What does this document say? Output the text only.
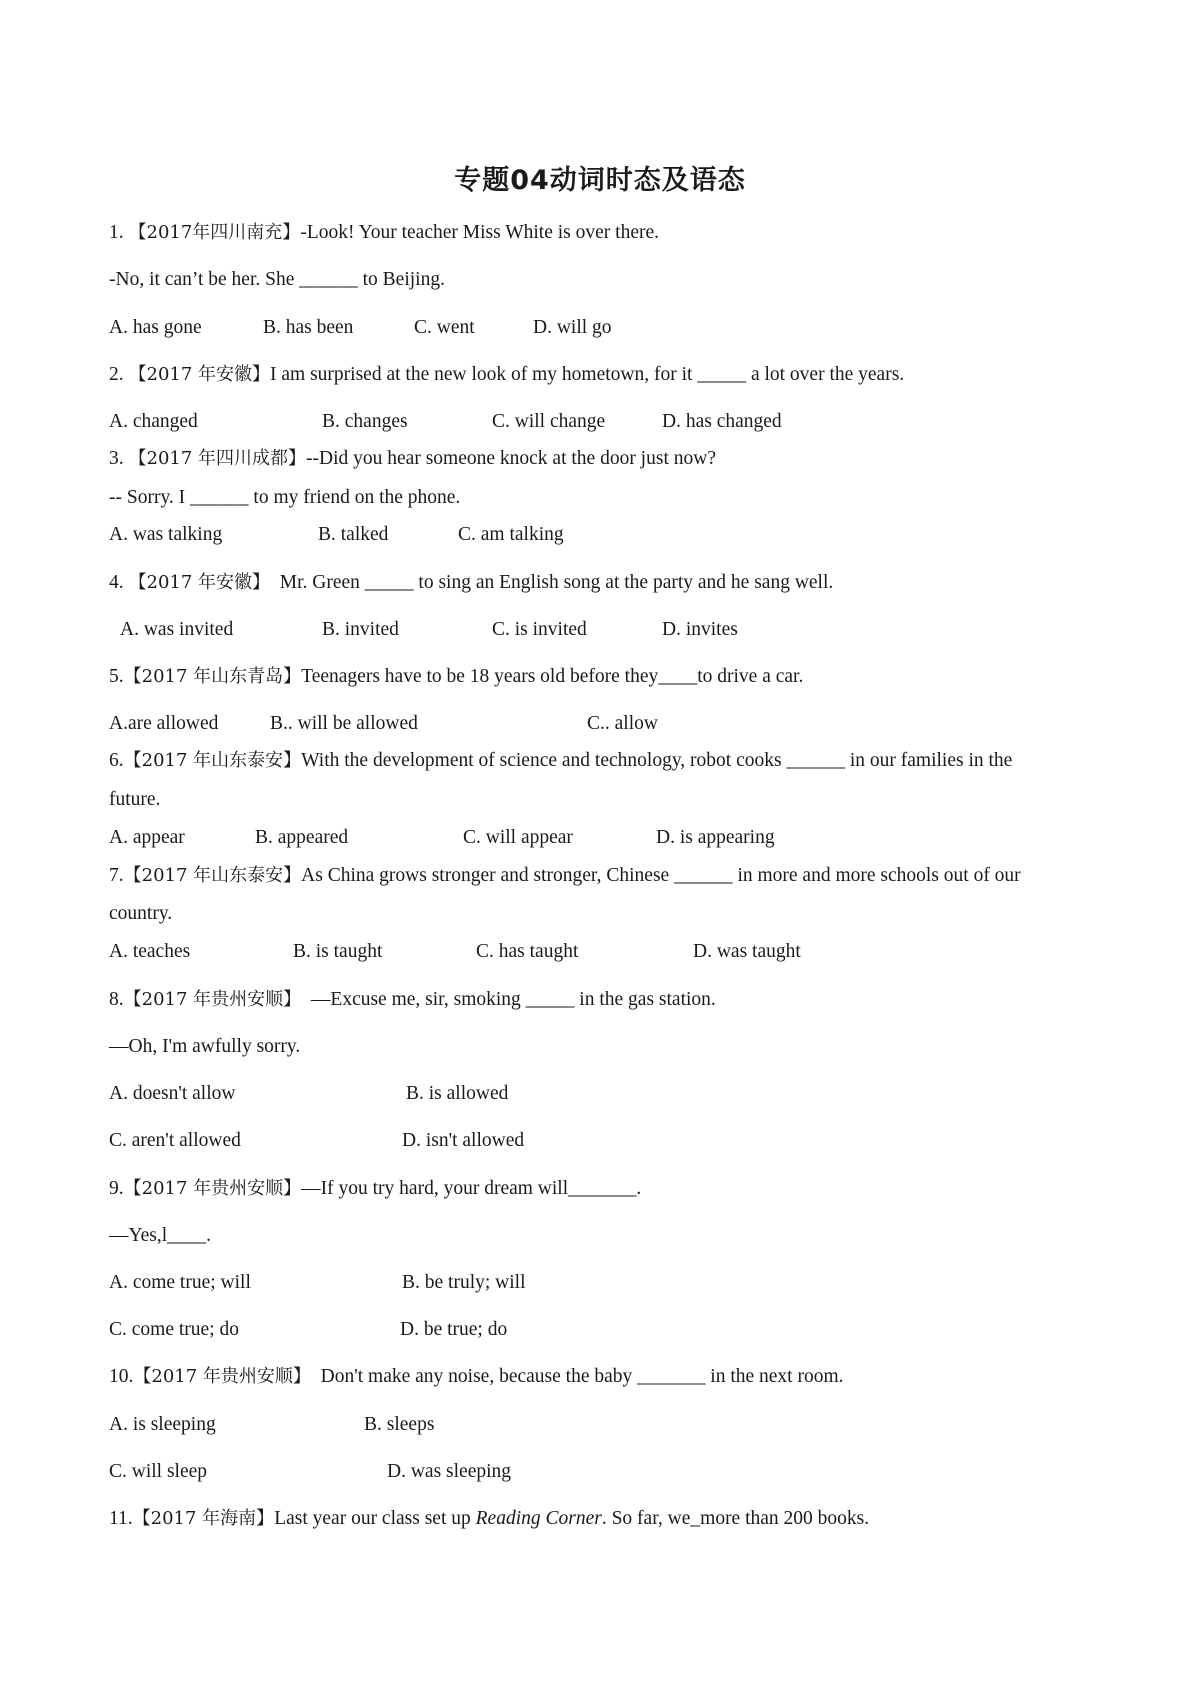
专题04动词时态及语态
1. 【2017年四川南充】-Look! Your teacher Miss White is over there.
-No, it can’t be her. She ______ to Beijing.
A. has gone	B. has been	C. went	D. will go
2. 【2017 年安徽】I am surprised at the new look of my hometown, for it _____ a lot over the years.
A. changed	B. changes	C. will change	D. has changed
3. 【2017 年四川成都】--Did you hear someone knock at the door just now?
-- Sorry. I ______ to my friend on the phone.
A. was talking	B. talked	C. am talking
4. 【2017 年安徽】 Mr. Green _____ to sing an English song at the party and he sang well.
A. was invited	B. invited	C. is invited	D. invites
5.【2017 年山东青岛】Teenagers have to be 18 years old before they____to drive a car.
A.are allowed	B.. will be allowed	C.. allow
6.【2017 年山东泰安】With the development of science and technology, robot cooks ______ in our families in the
future.
A. appear	B. appeared	C. will appear	D. is appearing
7.【2017 年山东泰安】As China grows stronger and stronger, Chinese ______ in more and more schools out of our
country.
A. teaches	B. is taught	C. has taught	D. was taught
8.【2017 年贵州安顺】 —Excuse me, sir, smoking _____ in the gas station.
—Oh, I'm awfully sorry.
A. doesn't allow	B. is allowed
C. aren't allowed	D. isn't allowed
9.【2017 年贵州安顺】—If you try hard, your dream will_______.
—Yes,l____.
A. come true; will	B. be truly; will
C. come true; do	D. be true; do
10.【2017 年贵州安顺】 Don't make any noise, because the baby _______ in the next room.
A. is sleeping	B. sleeps
C. will sleep	D. was sleeping
11.【2017 年海南】Last year our class set up Reading Corner. So far, we_more than 200 books.
